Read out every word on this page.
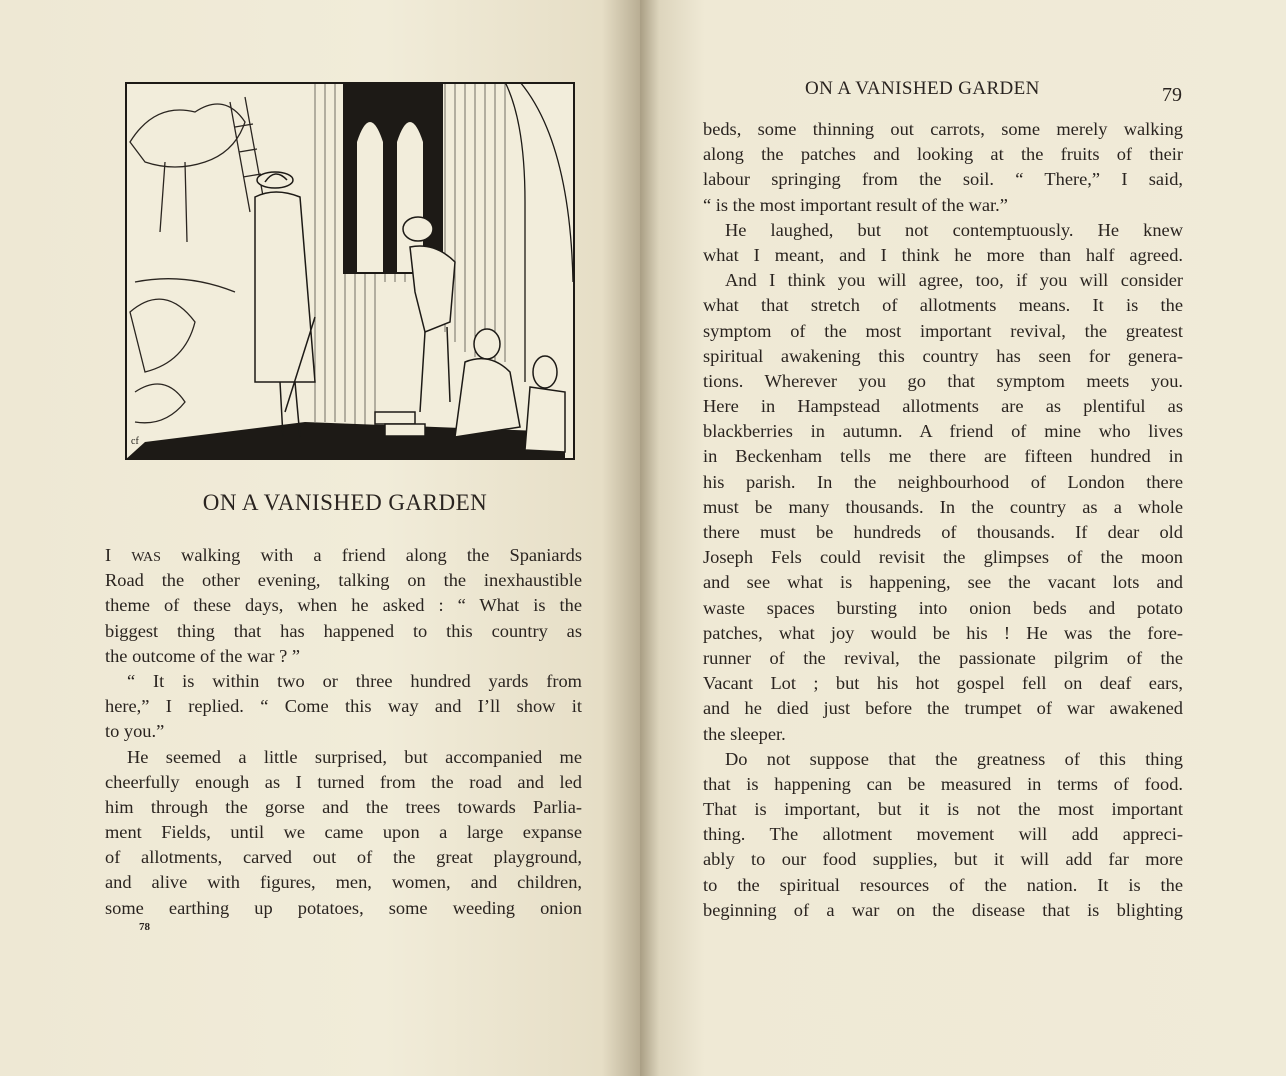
cf
ON A VANISHED GARDEN
I WAS walking with a friend along the Spaniards
Road the other evening, talking on the inexhaustible
theme of these days, when he asked : “ What is the
biggest thing that has happened to this country as
the outcome of the war ? ”
“ It is within two or three hundred yards from
here,” I replied. “ Come this way and I’ll show it
to you.”
He seemed a little surprised, but accompanied me
cheerfully enough as I turned from the road and led
him through the gorse and the trees towards Parlia-
ment Fields, until we came upon a large expanse
of allotments, carved out of the great playground,
and alive with figures, men, women, and children,
some earthing up potatoes, some weeding onion
78
ON A VANISHED GARDEN	79
beds, some thinning out carrots, some merely walking
along the patches and looking at the fruits of their
labour springing from the soil. “ There,” I said,
“ is the most important result of the war.”
He laughed, but not contemptuously. He knew
what I meant, and I think he more than half agreed.
And I think you will agree, too, if you will consider
what that stretch of allotments means. It is the
symptom of the most important revival, the greatest
spiritual awakening this country has seen for genera-
tions. Wherever you go that symptom meets you.
Here in Hampstead allotments are as plentiful as
blackberries in autumn. A friend of mine who lives
in Beckenham tells me there are fifteen hundred in
his parish. In the neighbourhood of London there
must be many thousands. In the country as a whole
there must be hundreds of thousands. If dear old
Joseph Fels could revisit the glimpses of the moon
and see what is happening, see the vacant lots and
waste spaces bursting into onion beds and potato
patches, what joy would be his ! He was the fore-
runner of the revival, the passionate pilgrim of the
Vacant Lot ; but his hot gospel fell on deaf ears,
and he died just before the trumpet of war awakened
the sleeper.
Do not suppose that the greatness of this thing
that is happening can be measured in terms of food.
That is important, but it is not the most important
thing. The allotment movement will add appreci-
ably to our food supplies, but it will add far more
to the spiritual resources of the nation. It is the
beginning of a war on the disease that is blighting
